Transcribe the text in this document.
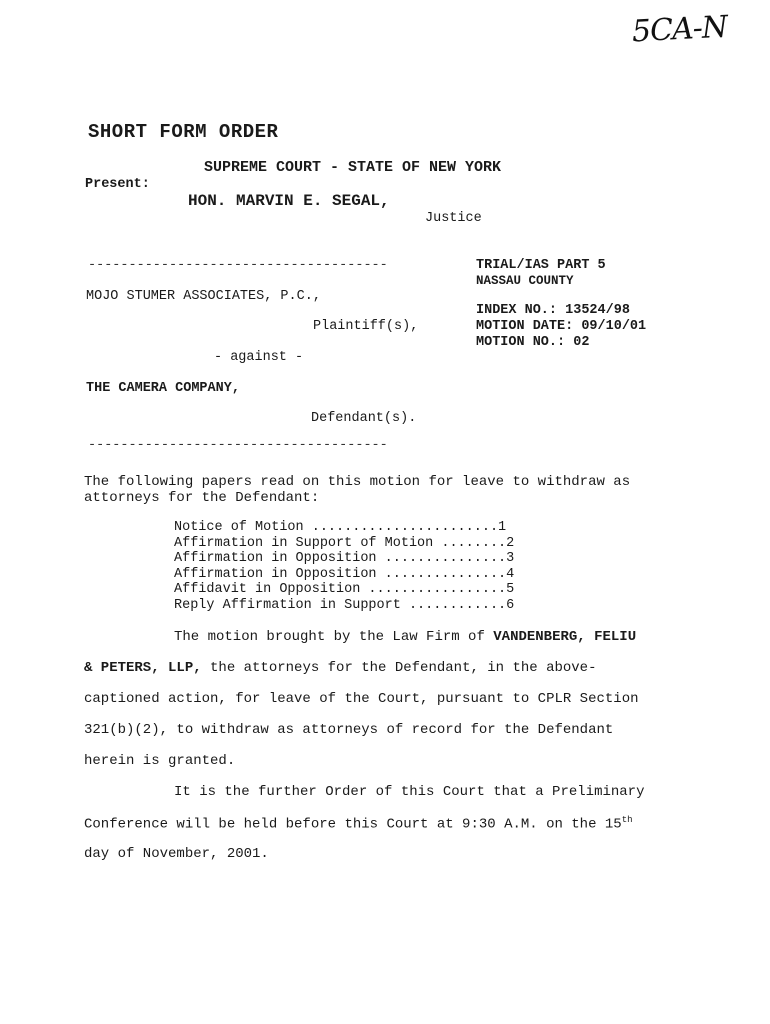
5CA-N
SHORT FORM ORDER
SUPREME COURT - STATE OF NEW YORK
Present:
HON. MARVIN E. SEGAL,
Justice
-------------------------------------
MOJO STUMER ASSOCIATES, P.C.,
Plaintiff(s),
- against -
THE CAMERA COMPANY,
Defendant(s).
-------------------------------------
TRIAL/IAS PART 5
NASSAU COUNTY
INDEX NO.: 13524/98
MOTION DATE: 09/10/01
MOTION NO.: 02
The following papers read on this motion for leave to withdraw as
attorneys for the Defendant:
Notice of Motion .......................1
Affirmation in Support of Motion ........2
Affirmation in Opposition ...............3
Affirmation in Opposition ...............4
Affidavit in Opposition .................5
Reply Affirmation in Support ............6
The motion brought by the Law Firm of VANDENBERG, FELIU
& PETERS, LLP, the attorneys for the Defendant, in the above-
captioned action, for leave of the Court, pursuant to CPLR Section
321(b)(2), to withdraw as attorneys of record for the Defendant
herein is granted.
It is the further Order of this Court that a Preliminary
Conference will be held before this Court at 9:30 A.M. on the 15th
day of November, 2001.
